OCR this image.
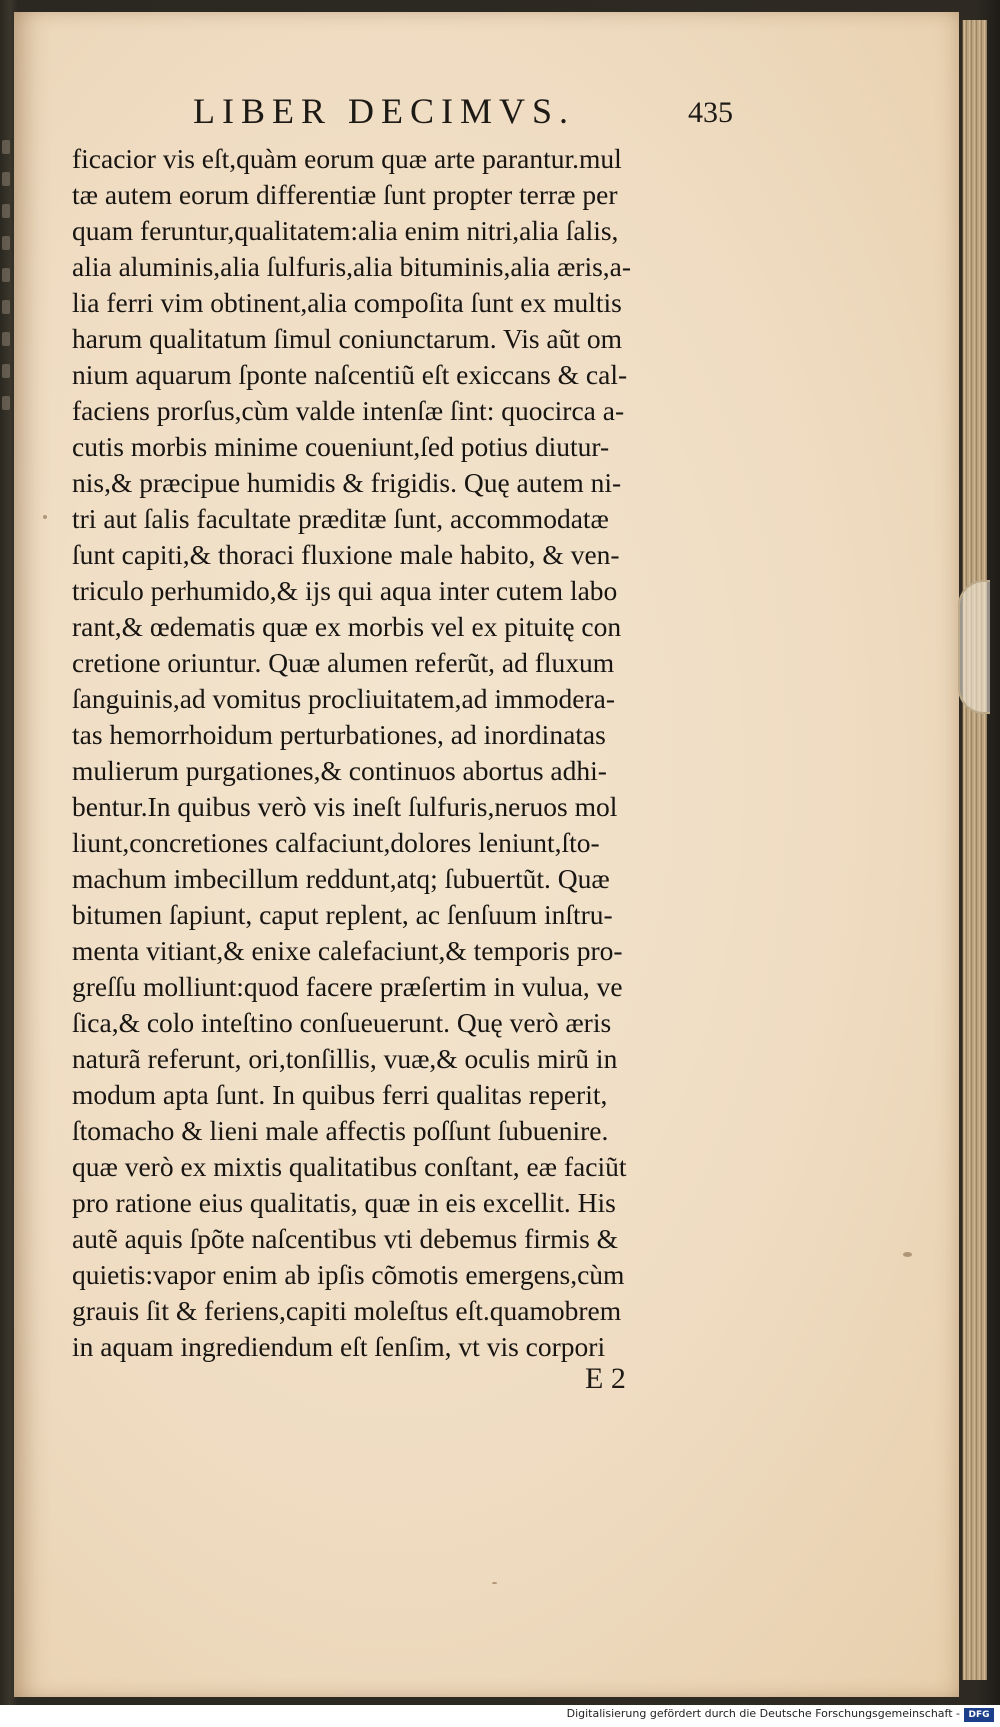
LIBER DECIMVS.	435
ficacior vis eſt,quàm eorum quæ arte parantur.mul
tæ autem eorum differentiæ ſunt propter terræ per
quam feruntur,qualitatem:alia enim nitri,alia ſalis,
alia aluminis,alia ſulfuris,alia bituminis,alia æris,a-
lia ferri vim obtinent,alia compoſita ſunt ex multis
harum qualitatum ſimul coniunctarum. Vis aũt om
nium aquarum ſponte naſcentiũ eſt exiccans & cal-
faciens prorſus,cùm valde intenſæ ſint: quocirca a-
cutis morbis minime coueniunt,ſed potius diutur-
nis,& præcipue humidis & frigidis. Quę autem ni-
tri aut ſalis facultate præditæ ſunt, accommodatæ
ſunt capiti,& thoraci fluxione male habito, & ven-
triculo perhumido,& ijs qui aqua inter cutem labo
rant,& œdematis quæ ex morbis vel ex pituitę con
cretione oriuntur. Quæ alumen referũt, ad fluxum
ſanguinis,ad vomitus procliuitatem,ad immodera-
tas hemorrhoidum perturbationes, ad inordinatas
mulierum purgationes,& continuos abortus adhi-
bentur.In quibus verò vis ineſt ſulfuris,neruos mol
liunt,concretiones calfaciunt,dolores leniunt,ſto-
machum imbecillum reddunt,atq; ſubuertũt. Quæ
bitumen ſapiunt, caput replent, ac ſenſuum inſtru-
menta vitiant,& enixe calefaciunt,& temporis pro-
greſſu molliunt:quod facere præſertim in vulua, ve
ſica,& colo inteſtino conſueuerunt. Quę verò æris
naturã referunt, ori,tonſillis, vuæ,& oculis mirũ in
modum apta ſunt. In quibus ferri qualitas reperit,
ſtomacho & lieni male affectis poſſunt ſubuenire.
quæ verò ex mixtis qualitatibus conſtant, eæ faciũt
pro ratione eius qualitatis, quæ in eis excellit. His
autẽ aquis ſpõte naſcentibus vti debemus firmis &
quietis:vapor enim ab ipſis cõmotis emergens,cùm
grauis ſit & feriens,capiti moleſtus eſt.quamobrem
in aquam ingrediendum eſt ſenſim, vt vis corpori
E 2
Digitalisierung gefördert durch die Deutsche Forschungsgemeinschaft - DFG
